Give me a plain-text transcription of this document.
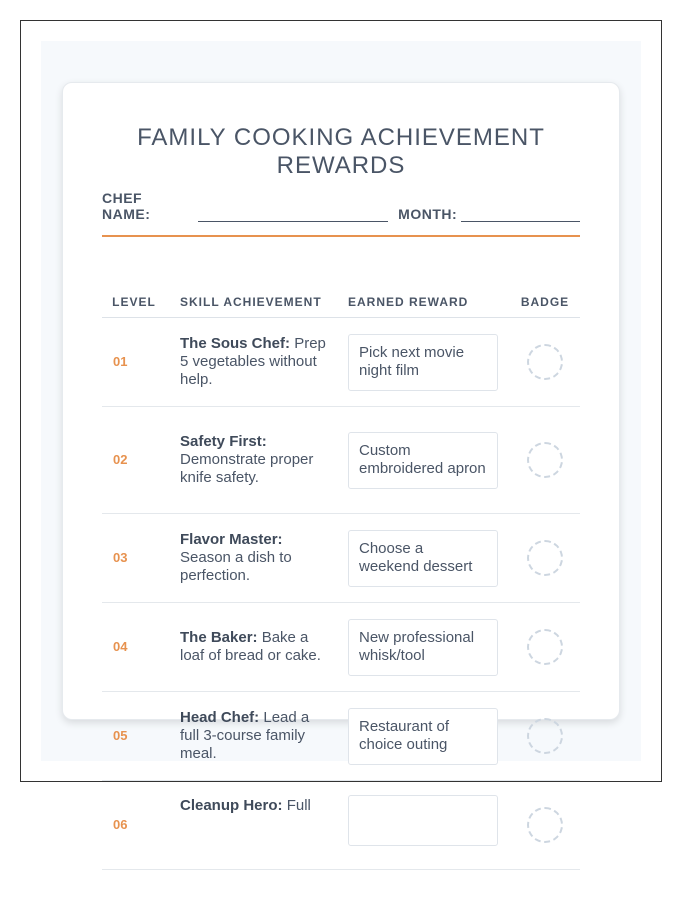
FAMILY COOKING ACHIEVEMENT REWARDS
CHEF NAME:	MONTH:
LEVEL	SKILL ACHIEVEMENT	EARNED REWARD	BADGE
01	The Sous Chef: Prep 5 vegetables without help.	Pick next movie night film	

02	Safety First: Demonstrate proper knife safety.	Custom embroidered apron	

03	Flavor Master: Season a dish to perfection.	Choose a weekend dessert	

04	The Baker: Bake a loaf of bread or cake.	New professional whisk/tool	

05	Head Chef: Lead a full 3-course family meal.	Restaurant of choice outing	

06	Cleanup Hero: Full	
